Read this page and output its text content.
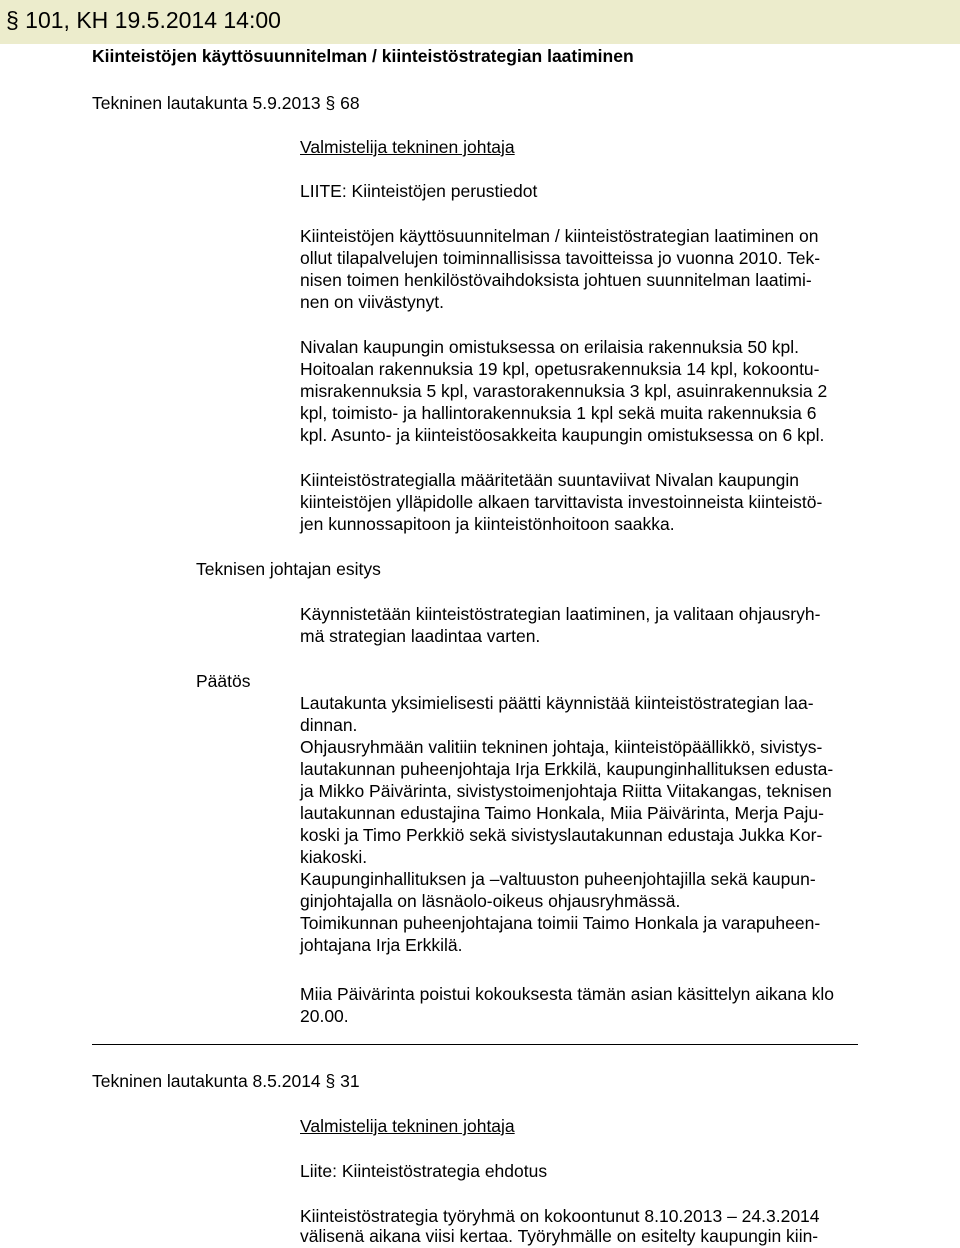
§ 101, KH 19.5.2014 14:00
Kiinteistöjen käyttösuunnitelman / kiinteistöstrategian laatiminen
Tekninen lautakunta 5.9.2013 § 68
Valmistelija tekninen johtaja
LIITE: Kiinteistöjen perustiedot
Kiinteistöjen käyttösuunnitelman / kiinteistöstrategian laatiminen on
ollut tilapalvelujen toiminnallisissa tavoitteissa jo vuonna 2010. Tek-
nisen toimen henkilöstövaihdoksista johtuen suunnitelman laatimi-
nen on viivästynyt.
Nivalan kaupungin omistuksessa on erilaisia rakennuksia 50 kpl.
Hoitoalan rakennuksia 19 kpl, opetusrakennuksia 14 kpl, kokoontu-
misrakennuksia 5 kpl, varastorakennuksia 3 kpl, asuinrakennuksia 2
kpl, toimisto- ja hallintorakennuksia 1 kpl sekä muita rakennuksia 6
kpl. Asunto- ja kiinteistöosakkeita kaupungin omistuksessa on 6 kpl.
Kiinteistöstrategialla määritetään suuntaviivat Nivalan kaupungin
kiinteistöjen ylläpidolle alkaen tarvittavista investoinneista kiinteistö-
jen kunnossapitoon ja kiinteistönhoitoon saakka.
Teknisen johtajan esitys
Käynnistetään kiinteistöstrategian laatiminen, ja valitaan ohjausryh-
mä strategian laadintaa varten.
Päätös
Lautakunta yksimielisesti päätti käynnistää kiinteistöstrategian laa-
dinnan.
Ohjausryhmään valitiin tekninen johtaja, kiinteistöpäällikkö, sivistys-
lautakunnan puheenjohtaja Irja Erkkilä, kaupunginhallituksen edusta-
ja Mikko Päivärinta, sivistystoimenjohtaja Riitta Viitakangas, teknisen
lautakunnan edustajina Taimo Honkala, Miia Päivärinta, Merja Paju-
koski ja Timo Perkkiö sekä sivistyslautakunnan edustaja Jukka Kor-
kiakoski.
Kaupunginhallituksen ja –valtuuston puheenjohtajilla sekä kaupun-
ginjohtajalla on läsnäolo-oikeus ohjausryhmässä.
Toimikunnan puheenjohtajana toimii Taimo Honkala ja varapuheen-
johtajana Irja Erkkilä.
Miia Päivärinta poistui kokouksesta tämän asian käsittelyn aikana klo
20.00.
Tekninen lautakunta 8.5.2014 § 31
Valmistelija tekninen johtaja
Liite: Kiinteistöstrategia ehdotus
Kiinteistöstrategia työryhmä on kokoontunut 8.10.2013 – 24.3.2014
välisenä aikana viisi kertaa. Työryhmälle on esitelty kaupungin kiin-
